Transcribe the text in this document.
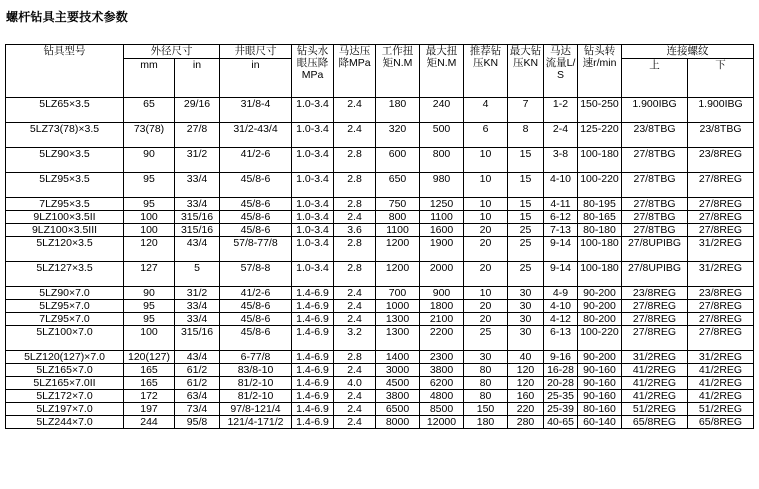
螺杆钻具主要技术参数
钻具型号	外径尺寸		井眼尺寸	钻头水眼压降MPa	马达压降MPa	工作扭矩N.M	最大扭矩N.M	推荐钻压KN	最大钻压KN	马达流量L/S	钻头转速r/min	连接螺纹	
	mm	in	in									上	下
5LZ65×3.5	65	29/16	31/8-4	1.0-3.4	2.4	180	240	4	7	1-2	150-250	1.900IBG	1.900IBG
5LZ73(78)×3.5	73(78)	27/8	31/2-43/4	1.0-3.4	2.4	320	500	6	8	2-4	125-220	23/8TBG	23/8TBG
5LZ90×3.5	90	31/2	41/2-6	1.0-3.4	2.8	600	800	10	15	3-8	100-180	27/8TBG	23/8REG
5LZ95×3.5	95	33/4	45/8-6	1.0-3.4	2.8	650	980	10	15	4-10	100-220	27/8TBG	27/8REG
7LZ95×3.5	95	33/4	45/8-6	1.0-3.4	2.8	750	1250	10	15	4-11	80-195	27/8TBG	27/8REG
9LZ100×3.5II	100	315/16	45/8-6	1.0-3.4	2.4	800	1100	10	15	6-12	80-165	27/8TBG	27/8REG
9LZ100×3.5III	100	315/16	45/8-6	1.0-3.4	3.6	1100	1600	20	25	7-13	80-180	27/8TBG	27/8REG
5LZ120×3.5	120	43/4	57/8-77/8	1.0-3.4	2.8	1200	1900	20	25	9-14	100-180	27/8UPIBG	31/2REG
5LZ127×3.5	127	5	57/8-8	1.0-3.4	2.8	1200	2000	20	25	9-14	100-180	27/8UPIBG	31/2REG
5LZ90×7.0	90	31/2	41/2-6	1.4-6.9	2.4	700	900	10	30	4-9	90-200	23/8REG	23/8REG
5LZ95×7.0	95	33/4	45/8-6	1.4-6.9	2.4	1000	1800	20	30	4-10	90-200	27/8REG	27/8REG
7LZ95×7.0	95	33/4	45/8-6	1.4-6.9	2.4	1300	2100	20	30	4-12	80-200	27/8REG	27/8REG
5LZ100×7.0	100	315/16	45/8-6	1.4-6.9	3.2	1300	2200	25	30	6-13	100-220	27/8REG	27/8REG
5LZ120(127)×7.0	120(127)	43/4	6-77/8	1.4-6.9	2.8	1400	2300	30	40	9-16	90-200	31/2REG	31/2REG
5LZ165×7.0	165	61/2	83/8-10	1.4-6.9	2.4	3000	3800	80	120	16-28	90-160	41/2REG	41/2REG
5LZ165×7.0II	165	61/2	81/2-10	1.4-6.9	4.0	4500	6200	80	120	20-28	90-160	41/2REG	41/2REG
5LZ172×7.0	172	63/4	81/2-10	1.4-6.9	2.4	3800	4800	80	160	25-35	90-160	41/2REG	41/2REG
5LZ197×7.0	197	73/4	97/8-121/4	1.4-6.9	2.4	6500	8500	150	220	25-39	80-160	51/2REG	51/2REG
5LZ244×7.0	244	95/8	121/4-171/2	1.4-6.9	2.4	8000	12000	180	280	40-65	60-140	65/8REG	65/8REG
